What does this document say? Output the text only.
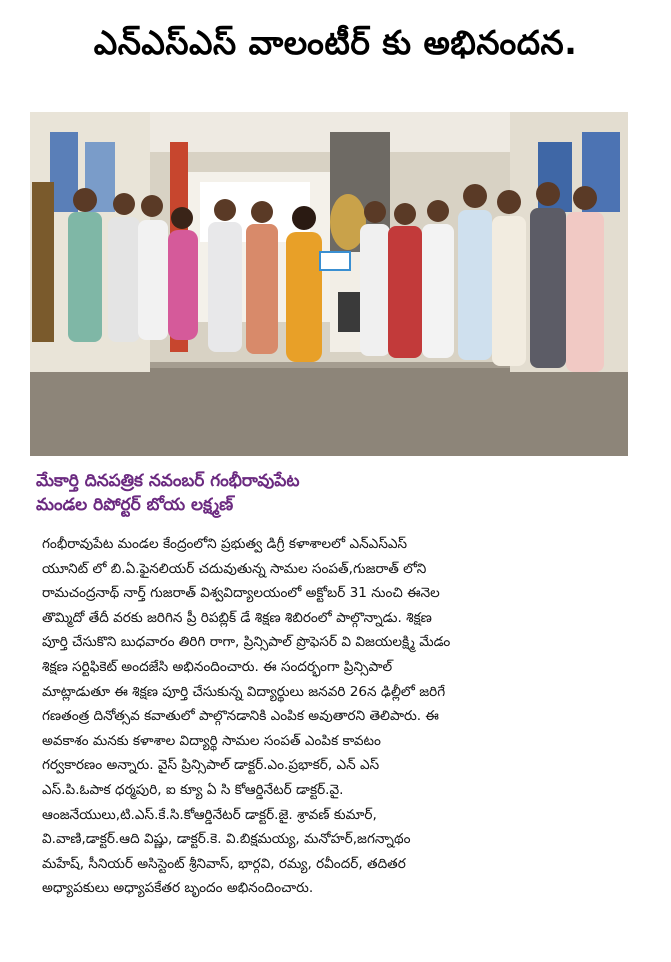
ఎన్ఎస్ఎస్ వాలంటీర్ కు అభినందన.
మేకార్తి దినపత్రిక నవంబర్ గంభీరావుపేట
మండల రిపోర్టర్ బోయ లక్ష్మణ్
గంభీరావుపేట మండల కేంద్రంలోని ప్రభుత్వ డిగ్రీ కళాశాలలో ఎన్ఎస్ఎస్
యూనిట్ లో బి.ఏ.ఫైనలియర్ చదువుతున్న సామల సంపత్,గుజరాత్ లోని
రామచంద్రనాథ్ నార్త్ గుజరాత్ విశ్వవిద్యాలయంలో అక్టోబర్ 31 నుంచి ఈనెల
తొమ్మిదో తేదీ వరకు జరిగిన ప్రీ రిపబ్లిక్ డే శిక్షణ శిబిరంలో పాల్గొన్నాడు. శిక్షణ
పూర్తి చేసుకొని బుధవారం తిరిగి రాగా, ప్రిన్సిపాల్ ప్రొఫెసర్ వి విజయలక్ష్మి మేడం
శిక్షణ సర్టిఫికెట్ అందజేసి అభినందించారు. ఈ సందర్భంగా ప్రిన్సిపాల్
మాట్లాడుతూ ఈ శిక్షణ పూర్తి చేసుకున్న విద్యార్థులు జనవరి 26న ఢిల్లీలో జరిగే
గణతంత్ర దినోత్సవ కవాతులో పాల్గొనడానికి ఎంపిక అవుతారని తెలిపారు. ఈ
అవకాశం మనకు కళాశాల విద్యార్థి సామల సంపత్ ఎంపిక కావటం
గర్వకారణం అన్నారు. వైస్ ప్రిన్సిపాల్ డాక్టర్.ఎం.ప్రభాకర్, ఎన్ ఎస్
ఎస్.పి.ఓపాక ధర్మపురి, ఐ క్యూ ఏ సి కోఆర్డినేటర్ డాక్టర్.వై.
ఆంజనేయులు,టి.ఎస్.కే.సి.కోఆర్డినేటర్ డాక్టర్.జై. శ్రావణ్ కుమార్,
వి.వాణి,డాక్టర్.ఆది విష్ణు, డాక్టర్.కె. వి.బిక్షమయ్య, మనోహర్,జగన్నాథం
మహేష్, సీనియర్ అసిస్టెంట్ శ్రీనివాస్, భార్గవి, రమ్య, రవీందర్, తదితర
అధ్యాపకులు అధ్యాపకేతర బృందం అభినందించారు.
